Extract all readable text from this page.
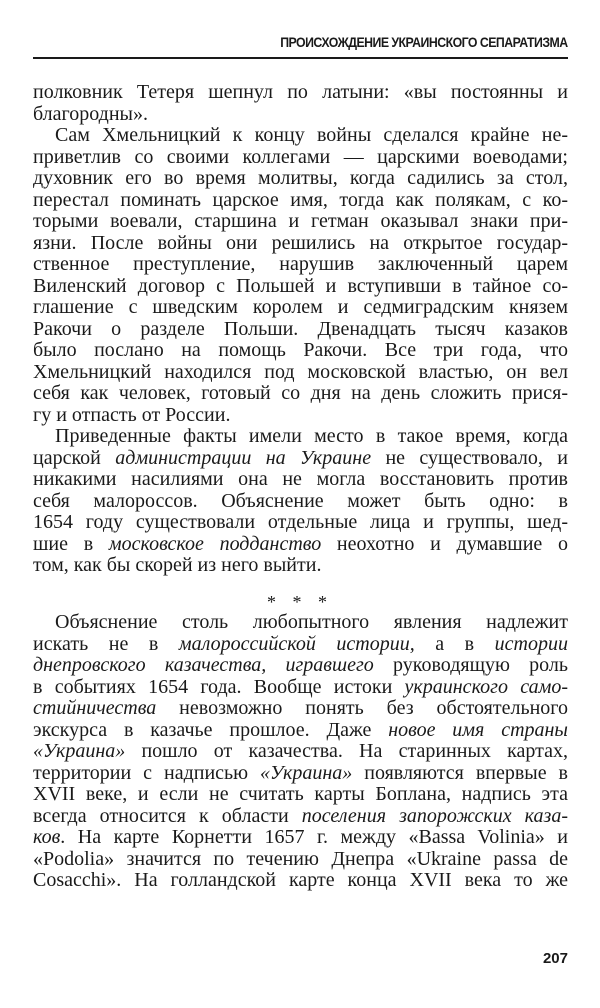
ПРОИСХОЖДЕНИЕ УКРАИНСКОГО СЕПАРАТИЗМА
полковник Тетеря шепнул по латыни: «вы постоянны и
благородны».
Сам Хмельницкий к концу войны сделался крайне не-
приветлив со своими коллегами — царскими воеводами;
духовник его во время молитвы, когда садились за стол,
перестал поминать царское имя, тогда как полякам, с ко-
торыми воевали, старшина и гетман оказывал знаки при-
язни. После войны они решились на открытое государ-
ственное преступление, нарушив заключенный царем
Виленский договор с Польшей и вступивши в тайное со-
глашение с шведским королем и седмиградским князем
Ракочи о разделе Польши. Двенадцать тысяч казаков
было послано на помощь Ракочи. Все три года, что
Хмельницкий находился под московской властью, он вел
себя как человек, готовый со дня на день сложить прися-
гу и отпасть от России.
Приведенные факты имели место в такое время, когда
царской администрации на Украине не существовало, и
никакими насилиями она не могла восстановить против
себя малороссов. Объяснение может быть одно: в
1654 году существовали отдельные лица и группы, шед-
шие в московское подданство неохотно и думавшие о
том, как бы скорей из него выйти.
* * *
Объяснение столь любопытного явления надлежит
искать не в малороссийской истории, а в истории
днепровского казачества, игравшего руководящую роль
в событиях 1654 года. Вообще истоки украинского само-
стийничества невозможно понять без обстоятельного
экскурса в казачье прошлое. Даже новое имя страны
«Украина» пошло от казачества. На старинных картах,
территории с надписью «Украина» появляются впервые в
XVII веке, и если не считать карты Боплана, надпись эта
всегда относится к области поселения запорожских каза-
ков. На карте Корнетти 1657 г. между «Bassa Volinia» и
«Podolia» значится по течению Днепра «Ukraine passa de
Cosacchi». На голландской карте конца XVII века то же
207
